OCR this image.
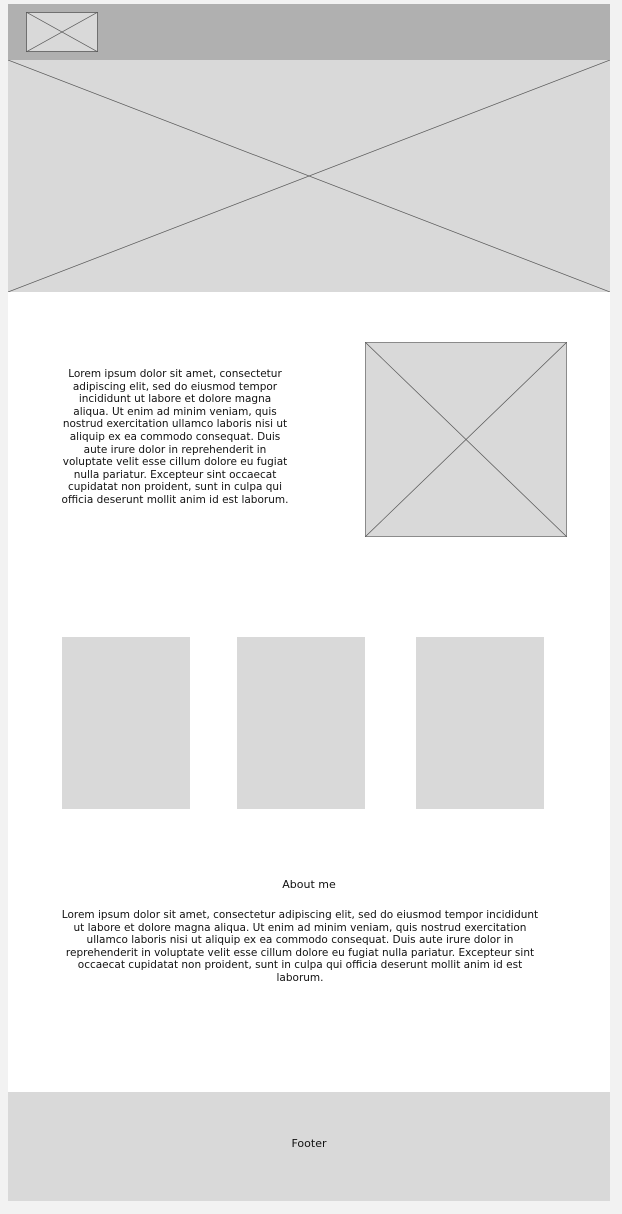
Lorem ipsum dolor sit amet, consectetur adipiscing elit, sed do eiusmod tempor incididunt ut labore et dolore magna aliqua. Ut enim ad minim veniam, quis nostrud exercitation ullamco laboris nisi ut aliquip ex ea commodo consequat. Duis aute irure dolor in reprehenderit in voluptate velit esse cillum dolore eu fugiat nulla pariatur. Excepteur sint occaecat cupidatat non proident, sunt in culpa qui officia deserunt mollit anim id est laborum.
About me
Lorem ipsum dolor sit amet, consectetur adipiscing elit, sed do eiusmod tempor incididunt ut labore et dolore magna aliqua. Ut enim ad minim veniam, quis nostrud exercitation ullamco laboris nisi ut aliquip ex ea commodo consequat. Duis aute irure dolor in reprehenderit in voluptate velit esse cillum dolore eu fugiat nulla pariatur. Excepteur sint occaecat cupidatat non proident, sunt in culpa qui officia deserunt mollit anim id est laborum.
Footer
